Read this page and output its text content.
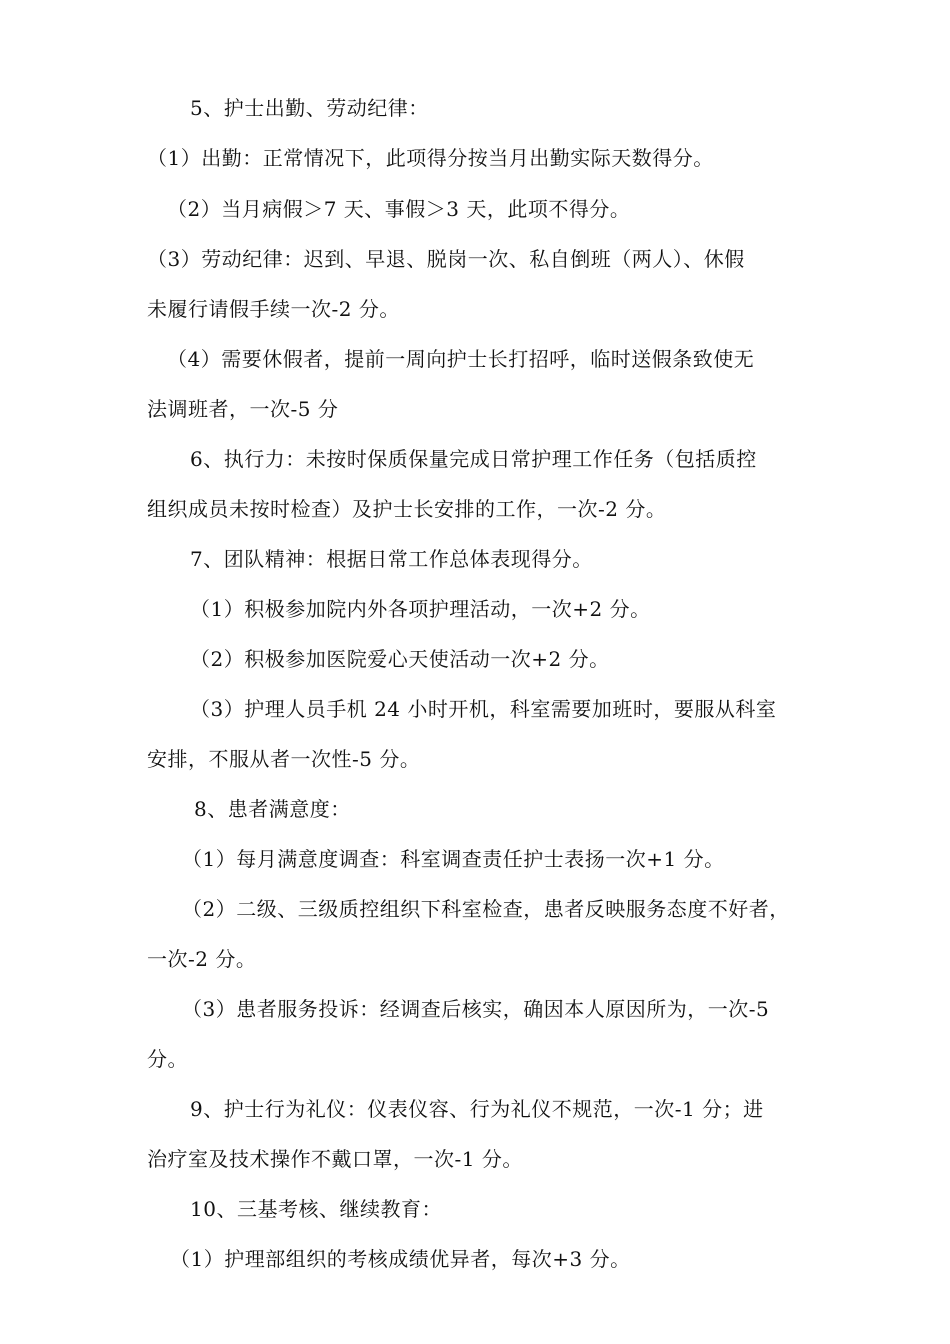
5、护士出勤、劳动纪律：
（1）出勤：正常情况下，此项得分按当月出勤实际天数得分。
（2）当月病假＞7 天、事假＞3 天，此项不得分。
（3）劳动纪律：迟到、早退、脱岗一次、私自倒班（两人）、休假
未履行请假手续一次-2 分。
（4）需要休假者，提前一周向护士长打招呼，临时送假条致使无
法调班者，一次-5 分
6、执行力：未按时保质保量完成日常护理工作任务（包括质控
组织成员未按时检查）及护士长安排的工作，一次-2 分。
7、团队精神：根据日常工作总体表现得分。
（1）积极参加院内外各项护理活动，一次+2 分。
（2）积极参加医院爱心天使活动一次+2 分。
（3）护理人员手机 24 小时开机，科室需要加班时，要服从科室
安排，不服从者一次性-5 分。
8、患者满意度：
（1）每月满意度调查：科室调查责任护士表扬一次+1 分。
（2）二级、三级质控组织下科室检查，患者反映服务态度不好者，
一次-2 分。
（3）患者服务投诉：经调查后核实，确因本人原因所为，一次-5
分。
9、护士行为礼仪：仪表仪容、行为礼仪不规范，一次-1 分；进
治疗室及技术操作不戴口罩，一次-1 分。
10、三基考核、继续教育：
（1）护理部组织的考核成绩优异者，每次+3 分。
